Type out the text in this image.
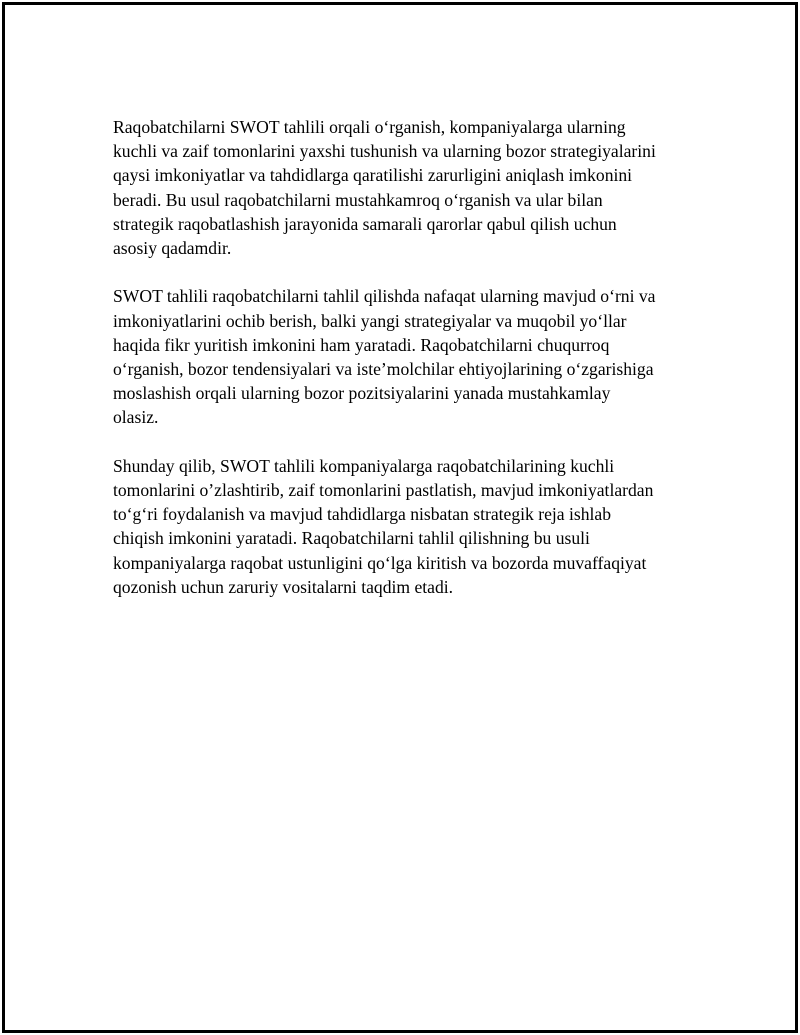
Raqobatchilarni SWOT tahlili orqali o‘rganish, kompaniyalarga ularning
kuchli va zaif tomonlarini yaxshi tushunish va ularning bozor strategiyalarini
qaysi imkoniyatlar va tahdidlarga qaratilishi zarurligini aniqlash imkonini
beradi. Bu usul raqobatchilarni mustahkamroq o‘rganish va ular bilan
strategik raqobatlashish jarayonida samarali qarorlar qabul qilish uchun
asosiy qadamdir.

SWOT tahlili raqobatchilarni tahlil qilishda nafaqat ularning mavjud o‘rni va
imkoniyatlarini ochib berish, balki yangi strategiyalar va muqobil yo‘llar
haqida fikr yuritish imkonini ham yaratadi. Raqobatchilarni chuqurroq
o‘rganish, bozor tendensiyalari va iste’molchilar ehtiyojlarining o‘zgarishiga
moslashish orqali ularning bozor pozitsiyalarini yanada mustahkamlay
olasiz.

Shunday qilib, SWOT tahlili kompaniyalarga raqobatchilarining kuchli
tomonlarini o’zlashtirib, zaif tomonlarini pastlatish, mavjud imkoniyatlardan
to‘g‘ri foydalanish va mavjud tahdidlarga nisbatan strategik reja ishlab
chiqish imkonini yaratadi. Raqobatchilarni tahlil qilishning bu usuli
kompaniyalarga raqobat ustunligini qo‘lga kiritish va bozorda muvaffaqiyat
qozonish uchun zaruriy vositalarni taqdim etadi.
